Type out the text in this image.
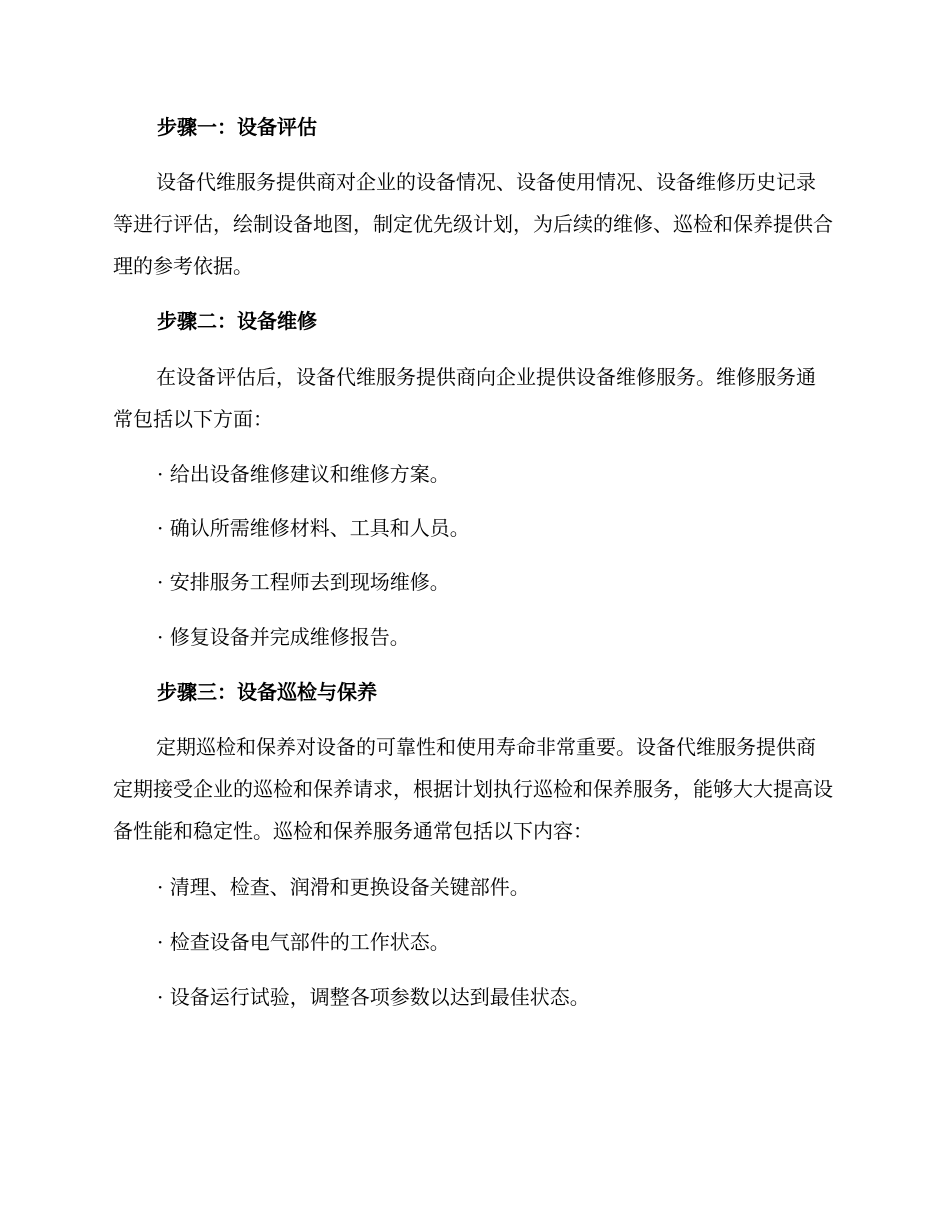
步骤一：设备评估

设备代维服务提供商对企业的设备情况、设备使用情况、设备维修历史记录等进行评估，绘制设备地图，制定优先级计划，为后续的维修、巡检和保养提供合理的参考依据。

步骤二：设备维修

在设备评估后，设备代维服务提供商向企业提供设备维修服务。维修服务通常包括以下方面：

· 给出设备维修建议和维修方案。

· 确认所需维修材料、工具和人员。

· 安排服务工程师去到现场维修。

· 修复设备并完成维修报告。

步骤三：设备巡检与保养

定期巡检和保养对设备的可靠性和使用寿命非常重要。设备代维服务提供商定期接受企业的巡检和保养请求，根据计划执行巡检和保养服务，能够大大提高设备性能和稳定性。巡检和保养服务通常包括以下内容：

· 清理、检查、润滑和更换设备关键部件。

· 检查设备电气部件的工作状态。

· 设备运行试验，调整各项参数以达到最佳状态。
